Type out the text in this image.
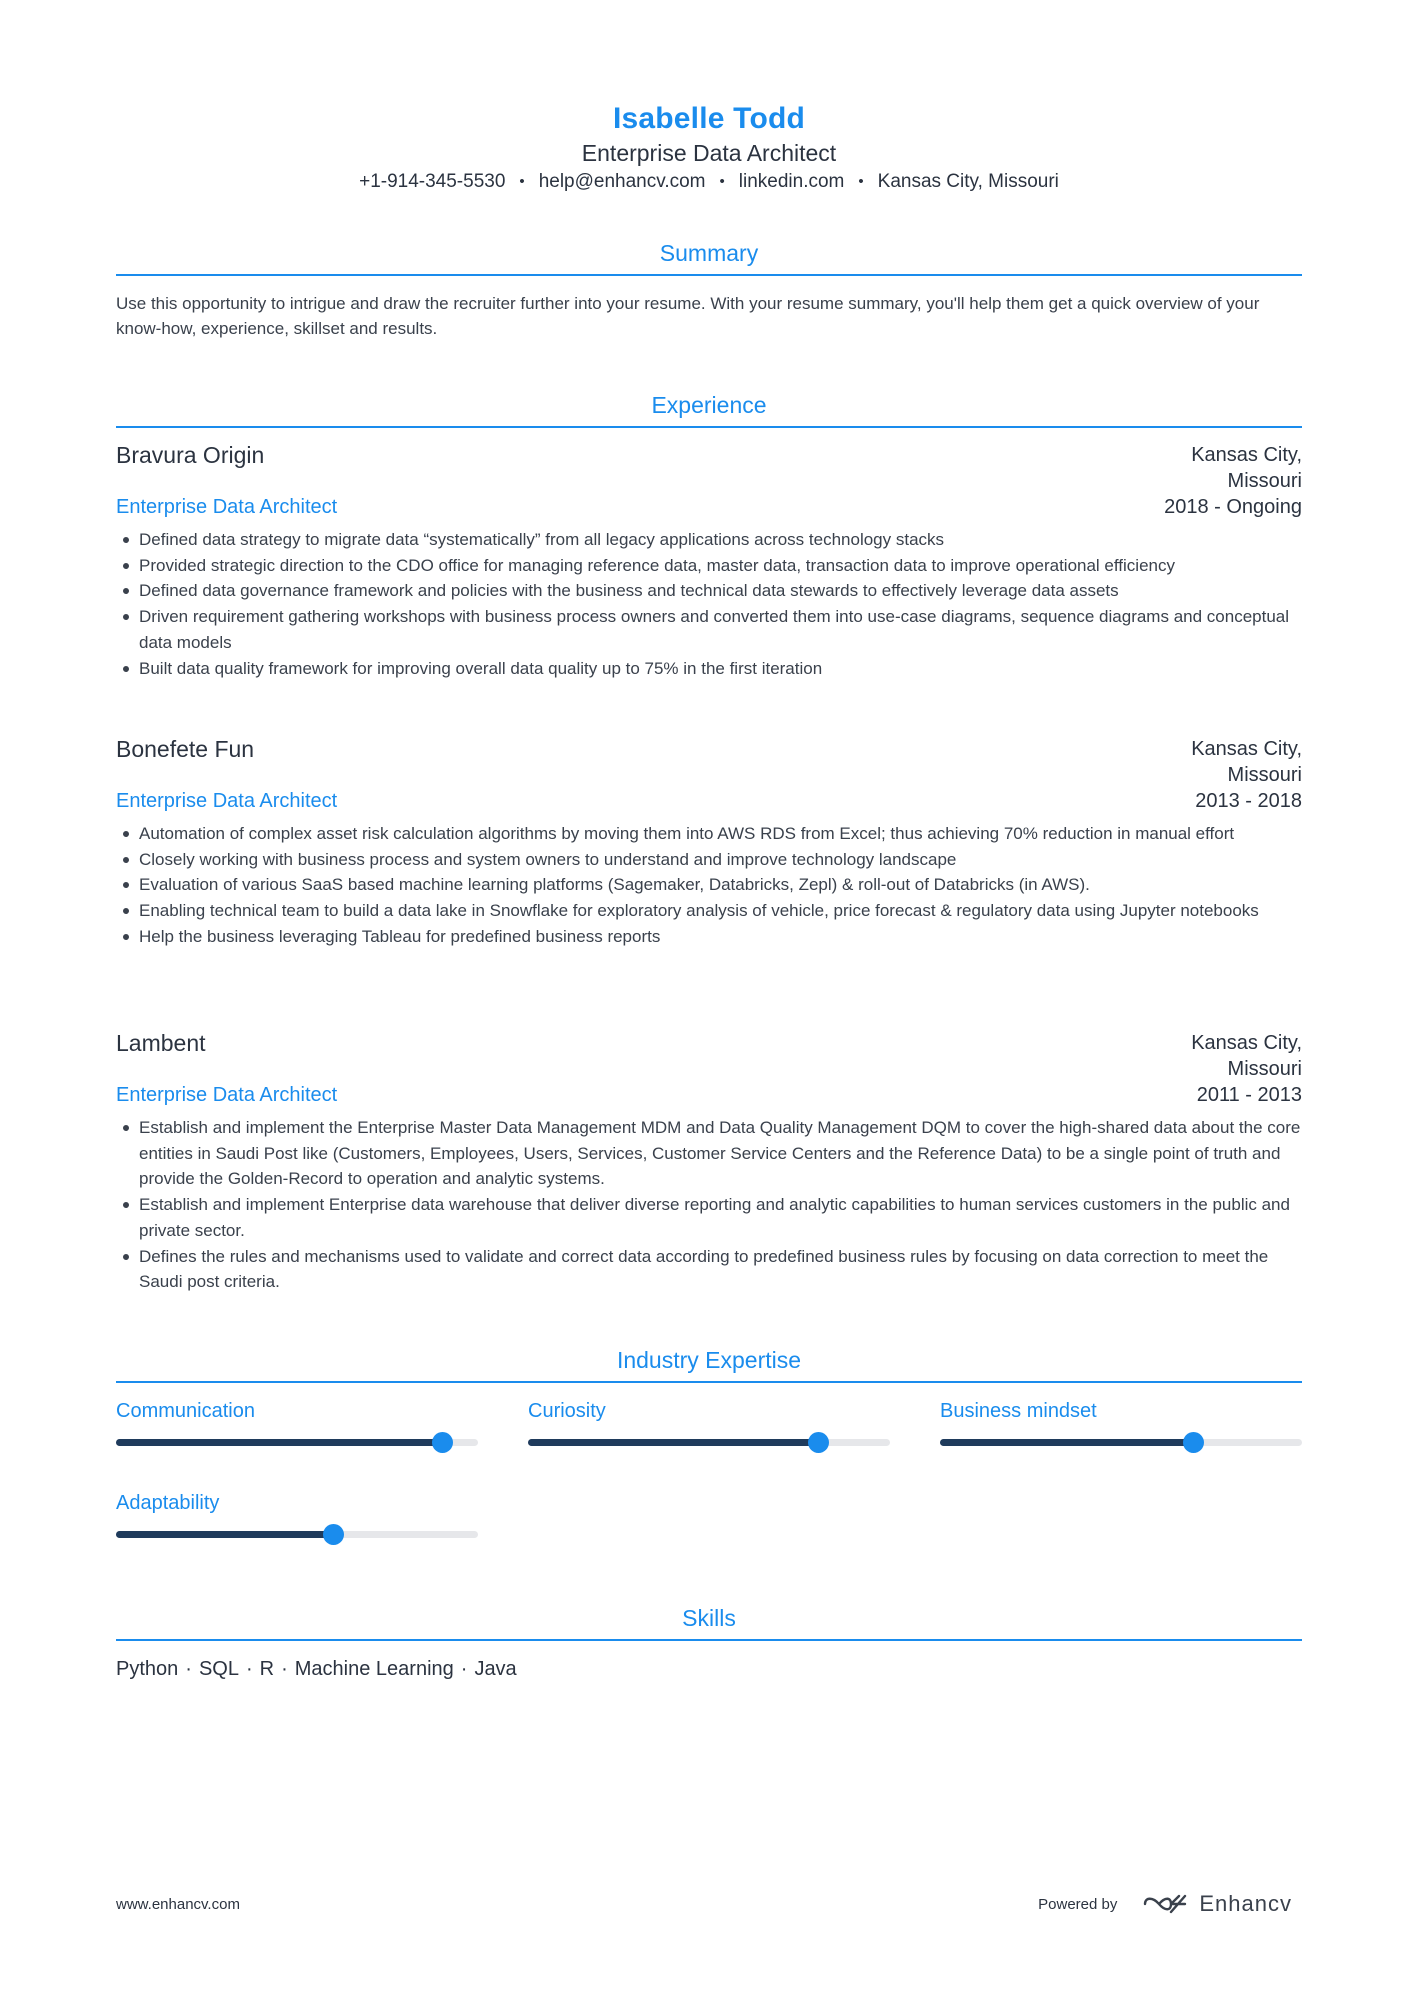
Isabelle Todd
Enterprise Data Architect
+1-914-345-5530 • help@enhancv.com • linkedin.com • Kansas City, Missouri
Summary
Use this opportunity to intrigue and draw the recruiter further into your resume. With your resume summary, you'll help them get a quick overview of your know-how, experience, skillset and results.
Experience
Bravura Origin	Kansas City,
Missouri
Enterprise Data Architect	2018 - Ongoing
Defined data strategy to migrate data “systematically” from all legacy applications across technology stacks
Provided strategic direction to the CDO office for managing reference data, master data, transaction data to improve operational efficiency
Defined data governance framework and policies with the business and technical data stewards to effectively leverage data assets
Driven requirement gathering workshops with business process owners and converted them into use-case diagrams, sequence diagrams and conceptual data models
Built data quality framework for improving overall data quality up to 75% in the first iteration
Bonefete Fun	Kansas City,
Missouri
Enterprise Data Architect	2013 - 2018
Automation of complex asset risk calculation algorithms by moving them into AWS RDS from Excel; thus achieving 70% reduction in manual effort
Closely working with business process and system owners to understand and improve technology landscape
Evaluation of various SaaS based machine learning platforms (Sagemaker, Databricks, Zepl) & roll-out of Databricks (in AWS).
Enabling technical team to build a data lake in Snowflake for exploratory analysis of vehicle, price forecast & regulatory data using Jupyter notebooks
Help the business leveraging Tableau for predefined business reports
Lambent	Kansas City,
Missouri
Enterprise Data Architect	2011 - 2013
Establish and implement the Enterprise Master Data Management MDM and Data Quality Management DQM to cover the high-shared data about the core entities in Saudi Post like (Customers, Employees, Users, Services, Customer Service Centers and the Reference Data) to be a single point of truth and provide the Golden-Record to operation and analytic systems.
Establish and implement Enterprise data warehouse that deliver diverse reporting and analytic capabilities to human services customers in the public and private sector.
Defines the rules and mechanisms used to validate and correct data according to predefined business rules by focusing on data correction to meet the Saudi post criteria.
Industry Expertise
Communication	Curiosity	Business mindset
Adaptability
Skills
Python · SQL · R · Machine Learning · Java
www.enhancv.com	Powered by	Enhancv
